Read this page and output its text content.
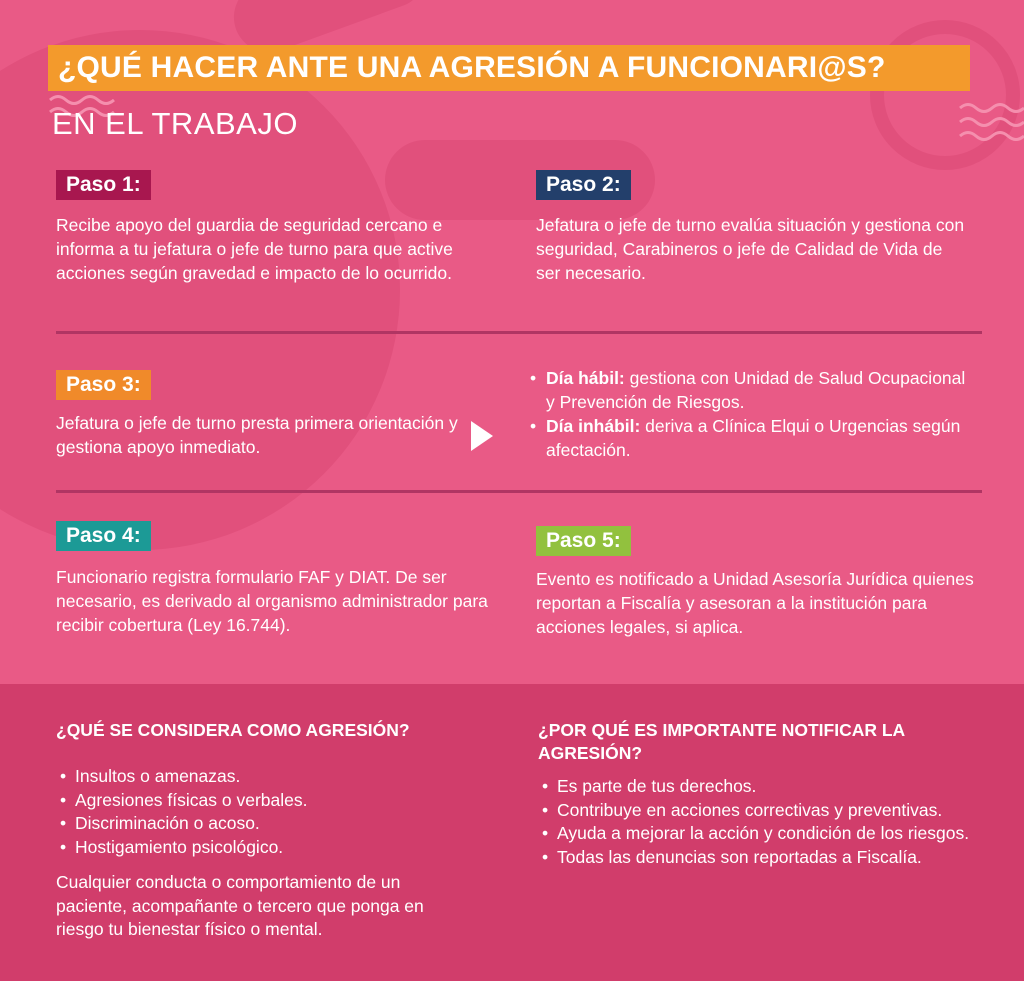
¿QUÉ HACER ANTE UNA AGRESIÓN A FUNCIONARI@S?
EN EL TRABAJO
Paso 1:
Recibe apoyo del guardia de seguridad cercano e informa a tu jefatura o jefe de turno para que active acciones según gravedad e impacto de lo ocurrido.
Paso 2:
Jefatura o jefe de turno evalúa situación y gestiona con seguridad, Carabineros o jefe de Calidad de Vida de ser necesario.
Paso 3:
Jefatura o jefe de turno presta primera orientación y gestiona apoyo inmediato.
• Día hábil: gestiona con Unidad de Salud Ocupacional y Prevención de Riesgos.
• Día inhábil: deriva a Clínica Elqui o Urgencias según afectación.
Paso 4:
Funcionario registra formulario FAF y DIAT. De ser necesario, es derivado al organismo administrador para recibir cobertura (Ley 16.744).
Paso 5:
Evento es notificado a Unidad Asesoría Jurídica quienes reportan a Fiscalía y asesoran a la institución para acciones legales, si aplica.
¿QUÉ SE CONSIDERA COMO AGRESIÓN?
• Insultos o amenazas.
• Agresiones físicas o verbales.
• Discriminación o acoso.
• Hostigamiento psicológico.
Cualquier conducta o comportamiento de un paciente, acompañante o tercero que ponga en riesgo tu bienestar físico o mental.
¿POR QUÉ ES IMPORTANTE NOTIFICAR LA AGRESIÓN?
• Es parte de tus derechos.
• Contribuye en acciones correctivas y preventivas.
• Ayuda a mejorar la acción y condición de los riesgos.
• Todas las denuncias son reportadas a Fiscalía.
